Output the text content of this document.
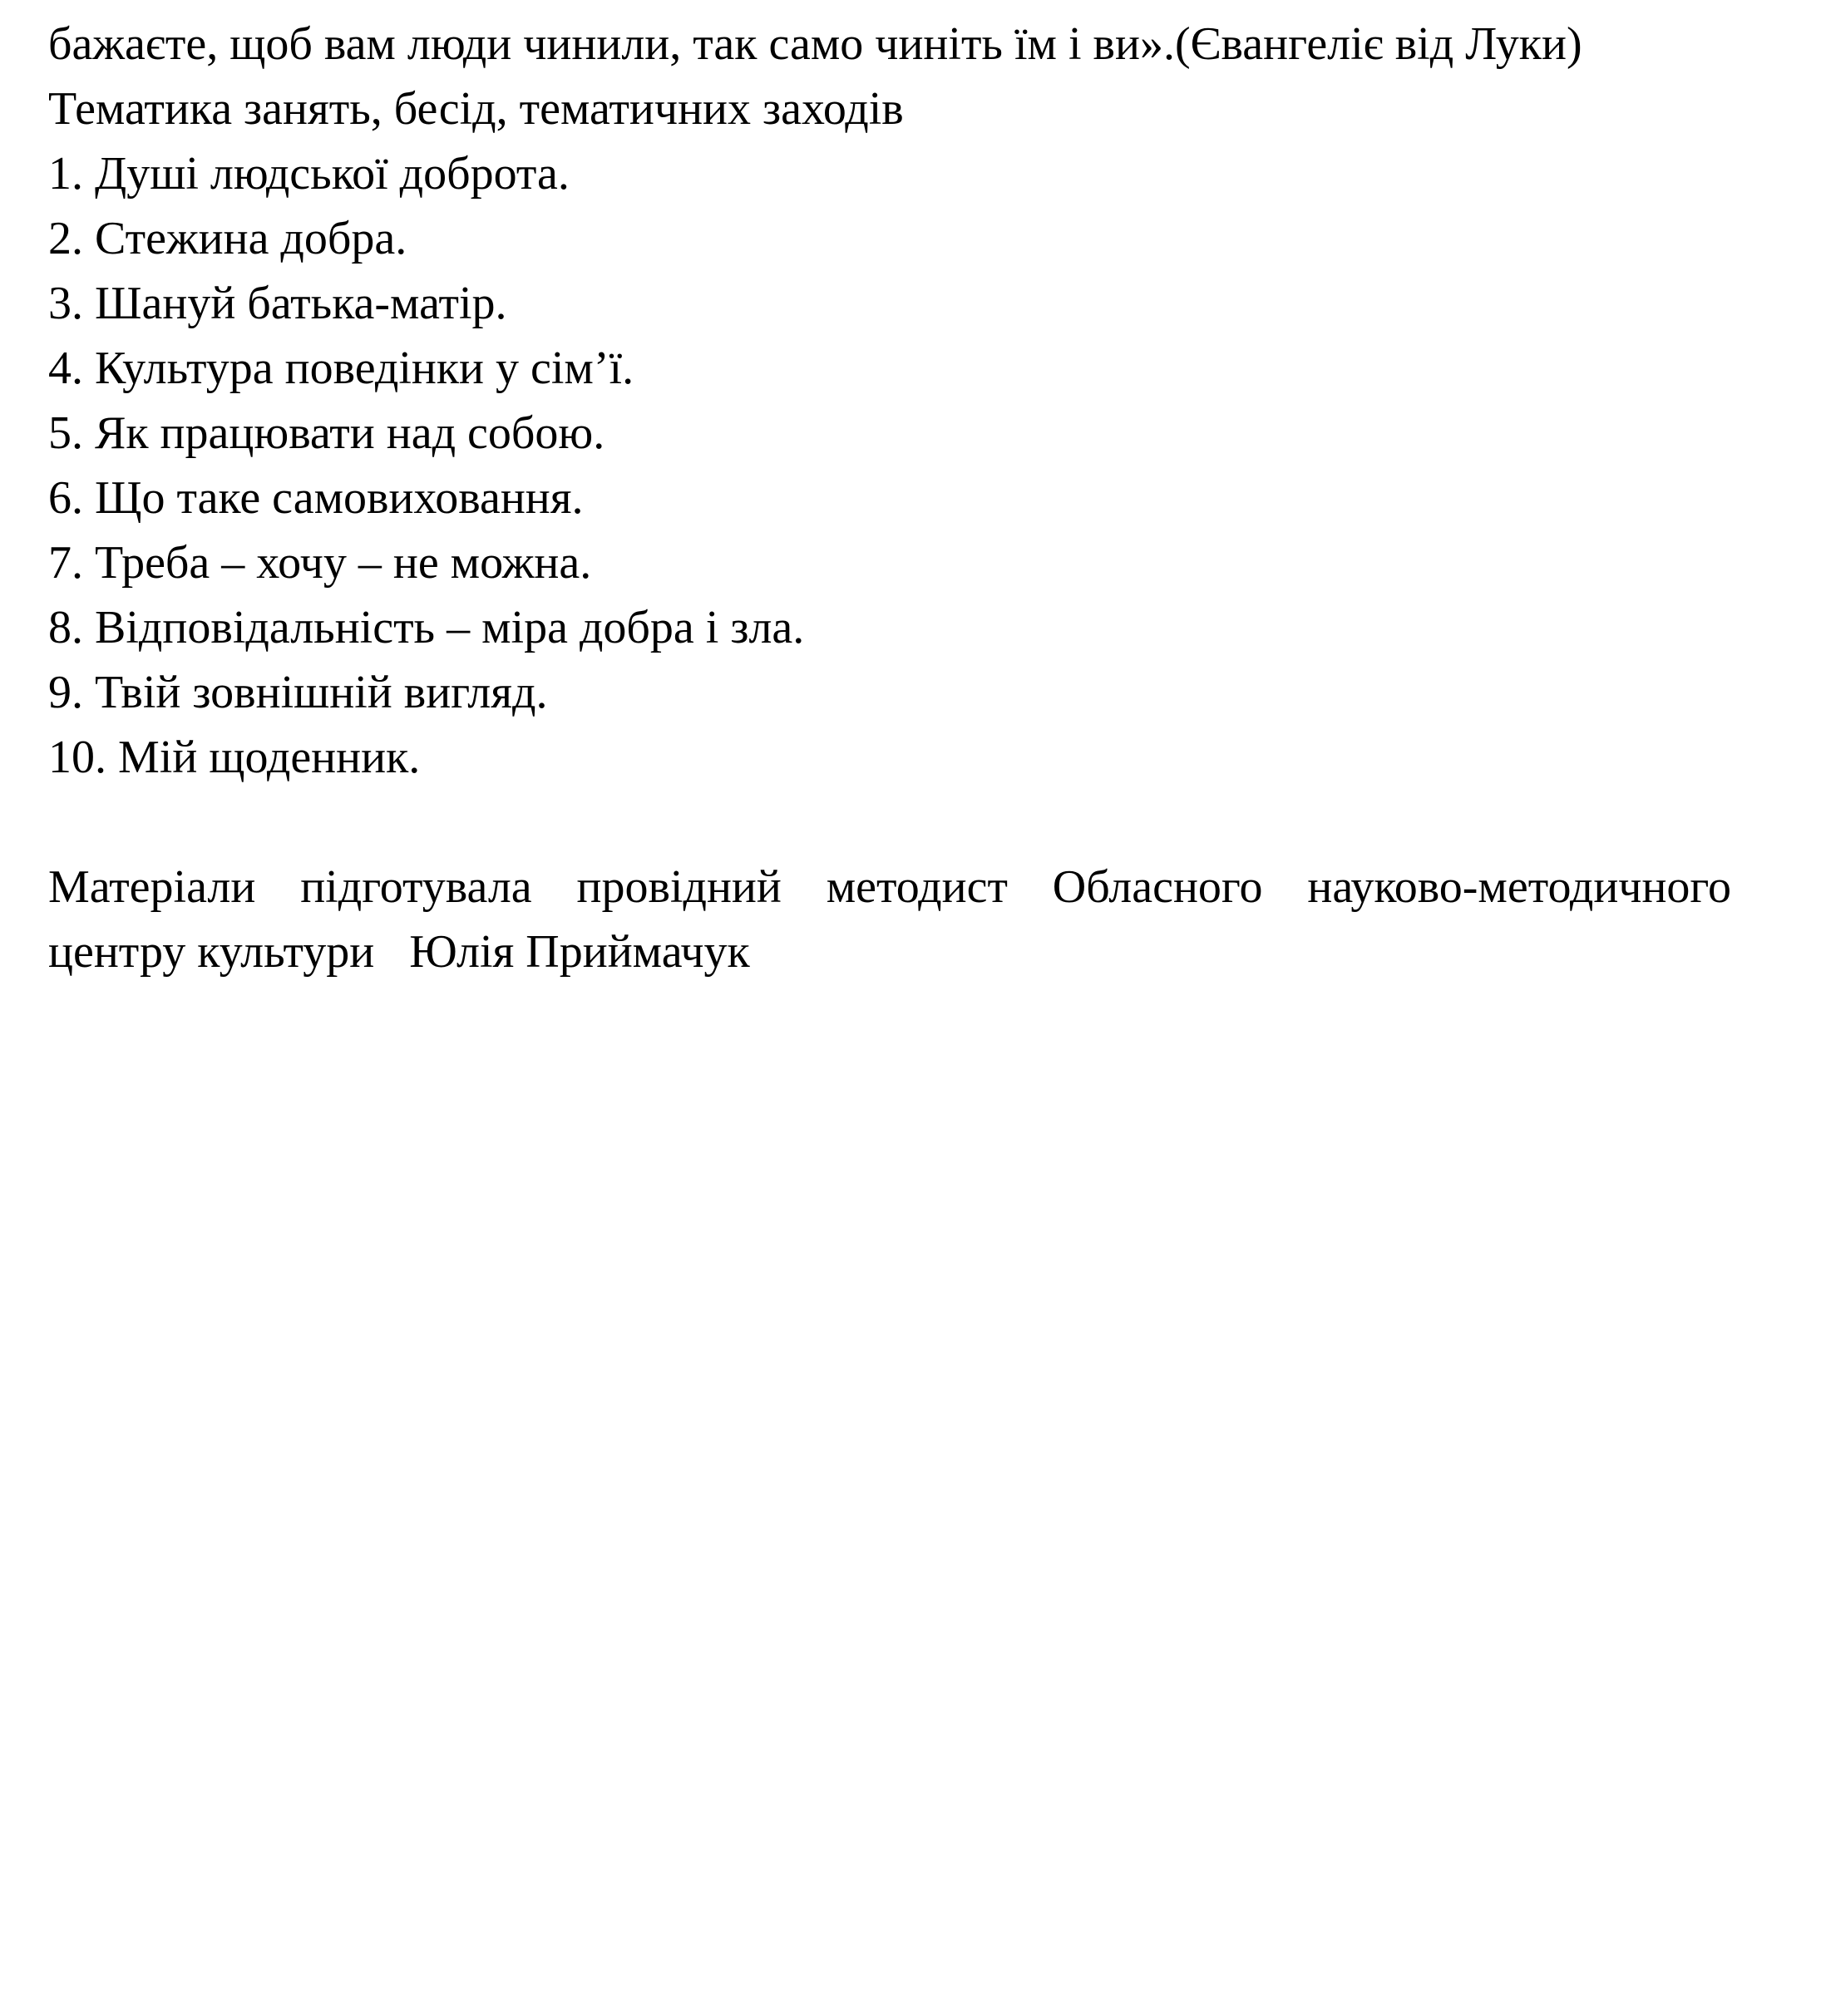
бажаєте, щоб вам люди чинили, так само чиніть їм і ви».(Євангеліє від Луки)
Тематика занять, бесід, тематичних заходів
1. Душі людської доброта.
2. Стежина добра.
3. Шануй батька-матір.
4. Культура поведінки у сім’ї.
5. Як працювати над собою.
6. Що таке самовиховання.
7. Треба – хочу – не можна.
8. Відповідальність – міра добра і зла.
9. Твій зовнішній вигляд.
10. Мій щоденник.
Матеріали підготувала провідний методист Обласного науково-методичного
центру культури   Юлія Приймачук
